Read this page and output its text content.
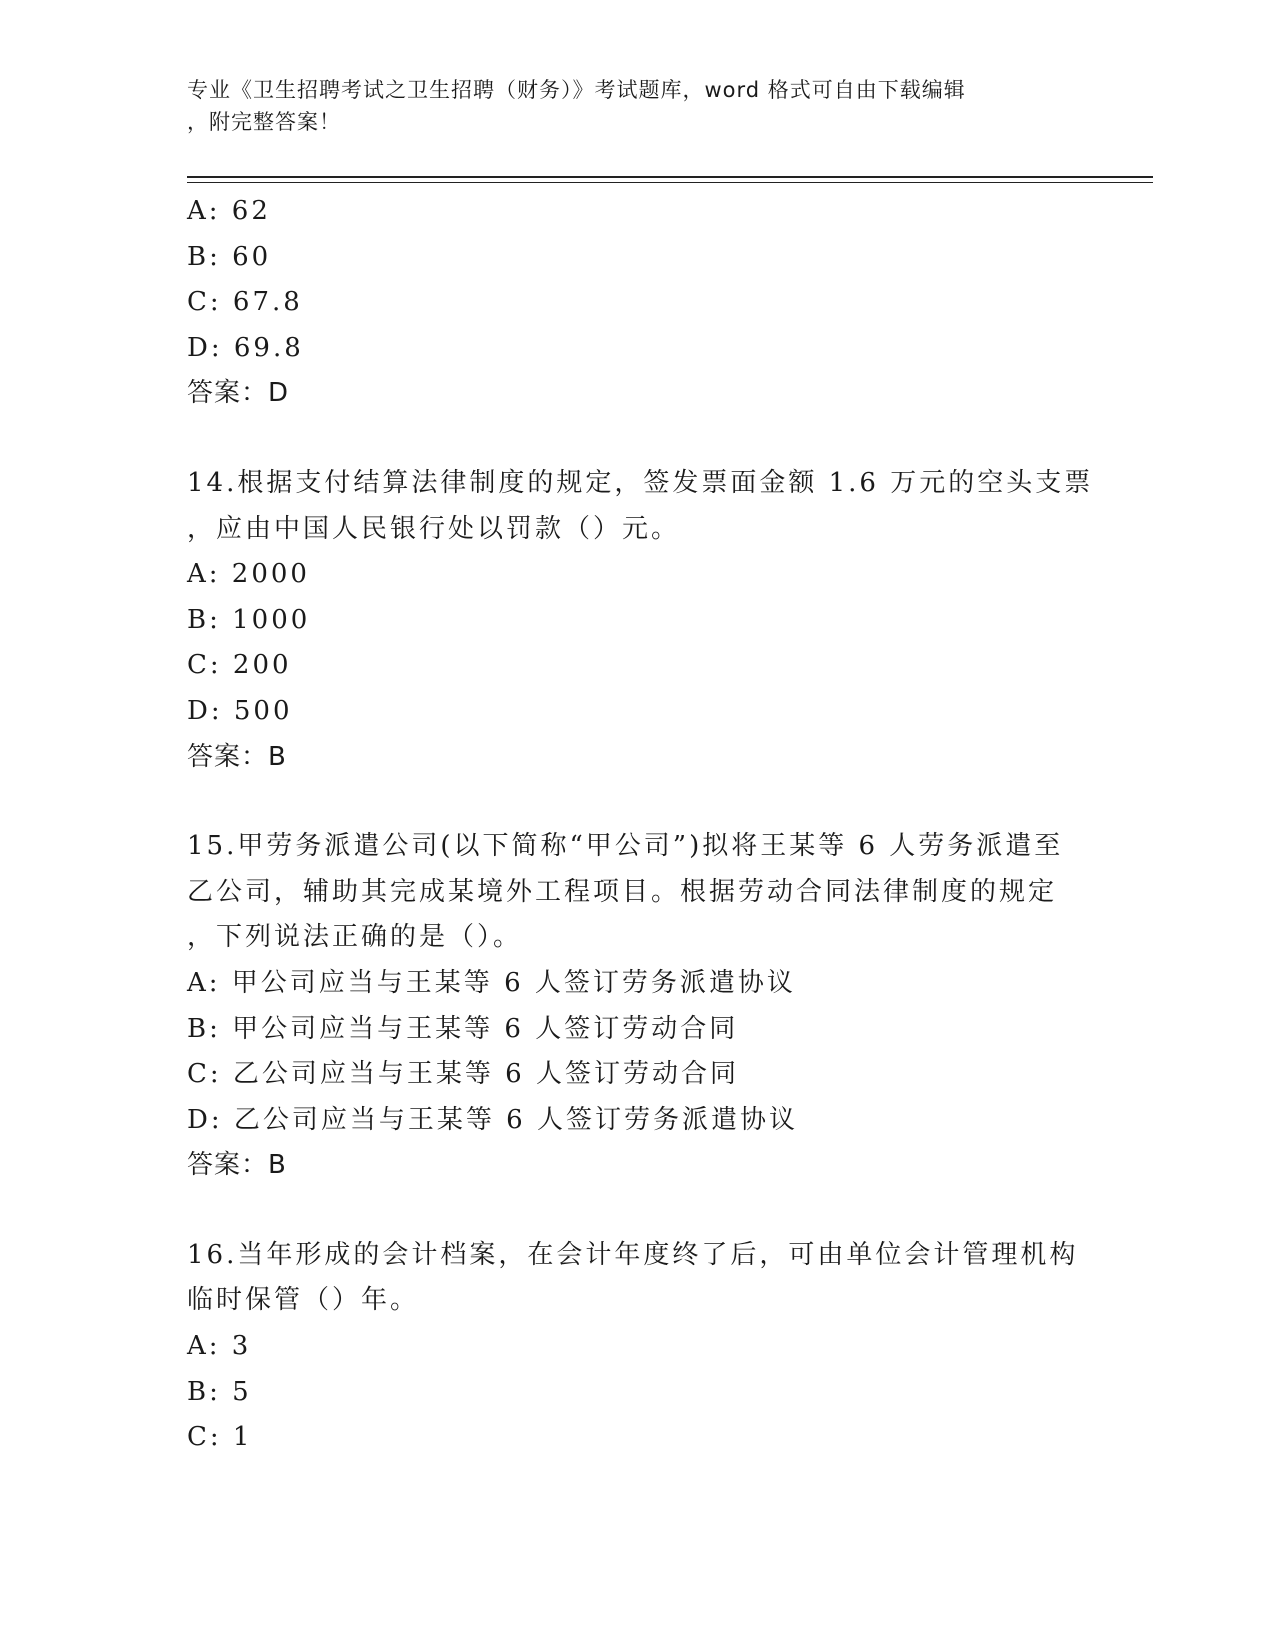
专业《卫生招聘考试之卫生招聘（财务）》考试题库，word 格式可自由下载编辑
，附完整答案！
A: 62
B: 60
C: 67.8
D: 69.8
答案：D
14.根据支付结算法律制度的规定，签发票面金额 1.6 万元的空头支票
，应由中国人民银行处以罚款（）元。
A: 2000
B: 1000
C: 200
D: 500
答案：B
15.甲劳务派遣公司(以下简称“甲公司”)拟将王某等 6 人劳务派遣至
乙公司，辅助其完成某境外工程项目。根据劳动合同法律制度的规定
，下列说法正确的是（）。
A: 甲公司应当与王某等 6 人签订劳务派遣协议
B: 甲公司应当与王某等 6 人签订劳动合同
C: 乙公司应当与王某等 6 人签订劳动合同
D: 乙公司应当与王某等 6 人签订劳务派遣协议
答案：B
16.当年形成的会计档案，在会计年度终了后，可由单位会计管理机构
临时保管（）年。
A: 3
B: 5
C: 1
